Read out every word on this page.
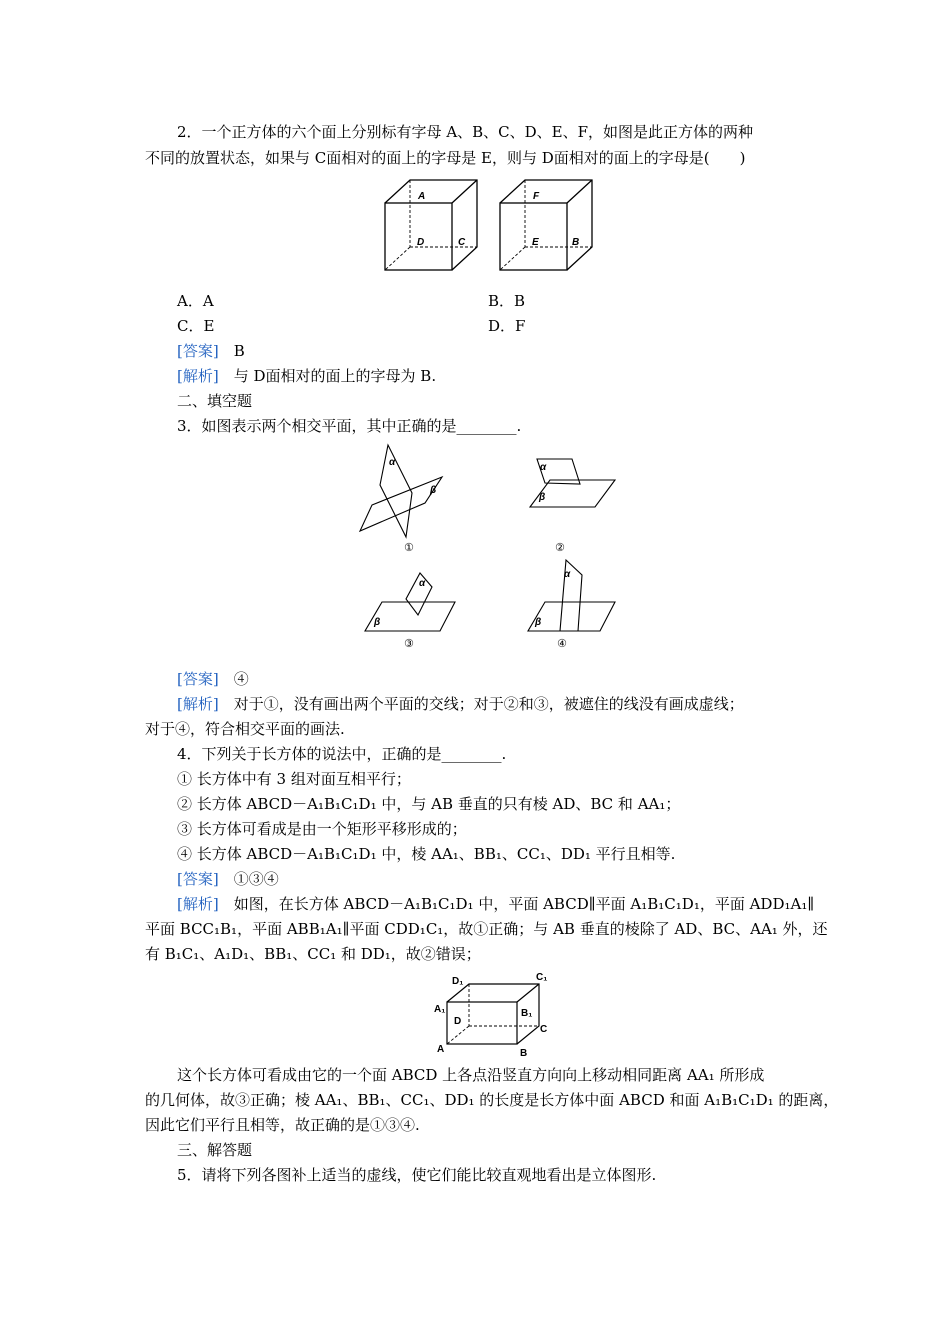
2．一个正方体的六个面上分别标有字母 A、B、C、D、E、F，如图是此正方体的两种
不同的放置状态，如果与 C面相对的面上的字母是 E，则与 D面相对的面上的字母是(　　)
A
D	C
F
E	B
A．A	B．B
C．E	D．F
[答案]　 B
[解析]　 与 D面相对的面上的字母为 B.
二、填空题
3．如图表示两个相交平面，其中正确的是________.
α
β
①
α
β
②
α
β
③
α
β
④
[答案]　 ④
[解析]　 对于①，没有画出两个平面的交线；对于②和③，被遮住的线没有画成虚线；
对于④，符合相交平面的画法.
4．下列关于长方体的说法中，正确的是________.
① 长方体中有 3 组对面互相平行；
② 长方体 ABCD－A₁B₁C₁D₁ 中，与 AB 垂直的只有棱 AD、BC 和 AA₁；
③ 长方体可看成是由一个矩形平移形成的；
④ 长方体 ABCD－A₁B₁C₁D₁ 中，棱 AA₁、BB₁、CC₁、DD₁ 平行且相等.
[答案]　 ①③④
[解析]　 如图，在长方体 ABCD－A₁B₁C₁D₁ 中，平面 ABCD∥平面 A₁B₁C₁D₁，平面 ADD₁A₁∥
平面 BCC₁B₁，平面 ABB₁A₁∥平面 CDD₁C₁，故①正确；与 AB 垂直的棱除了 AD、BC、AA₁ 外，还
有 B₁C₁、A₁D₁、BB₁、CC₁ 和 DD₁，故②错误；
D₁	C₁
A₁
D
B₁
C
A	B
这个长方体可看成由它的一个面 ABCD 上各点沿竖直方向向上移动相同距离 AA₁ 所形成
的几何体，故③正确；棱 AA₁、BB₁、CC₁、DD₁ 的长度是长方体中面 ABCD 和面 A₁B₁C₁D₁ 的距离，
因此它们平行且相等，故正确的是①③④.
三、解答题
5．请将下列各图补上适当的虚线，使它们能比较直观地看出是立体图形.
